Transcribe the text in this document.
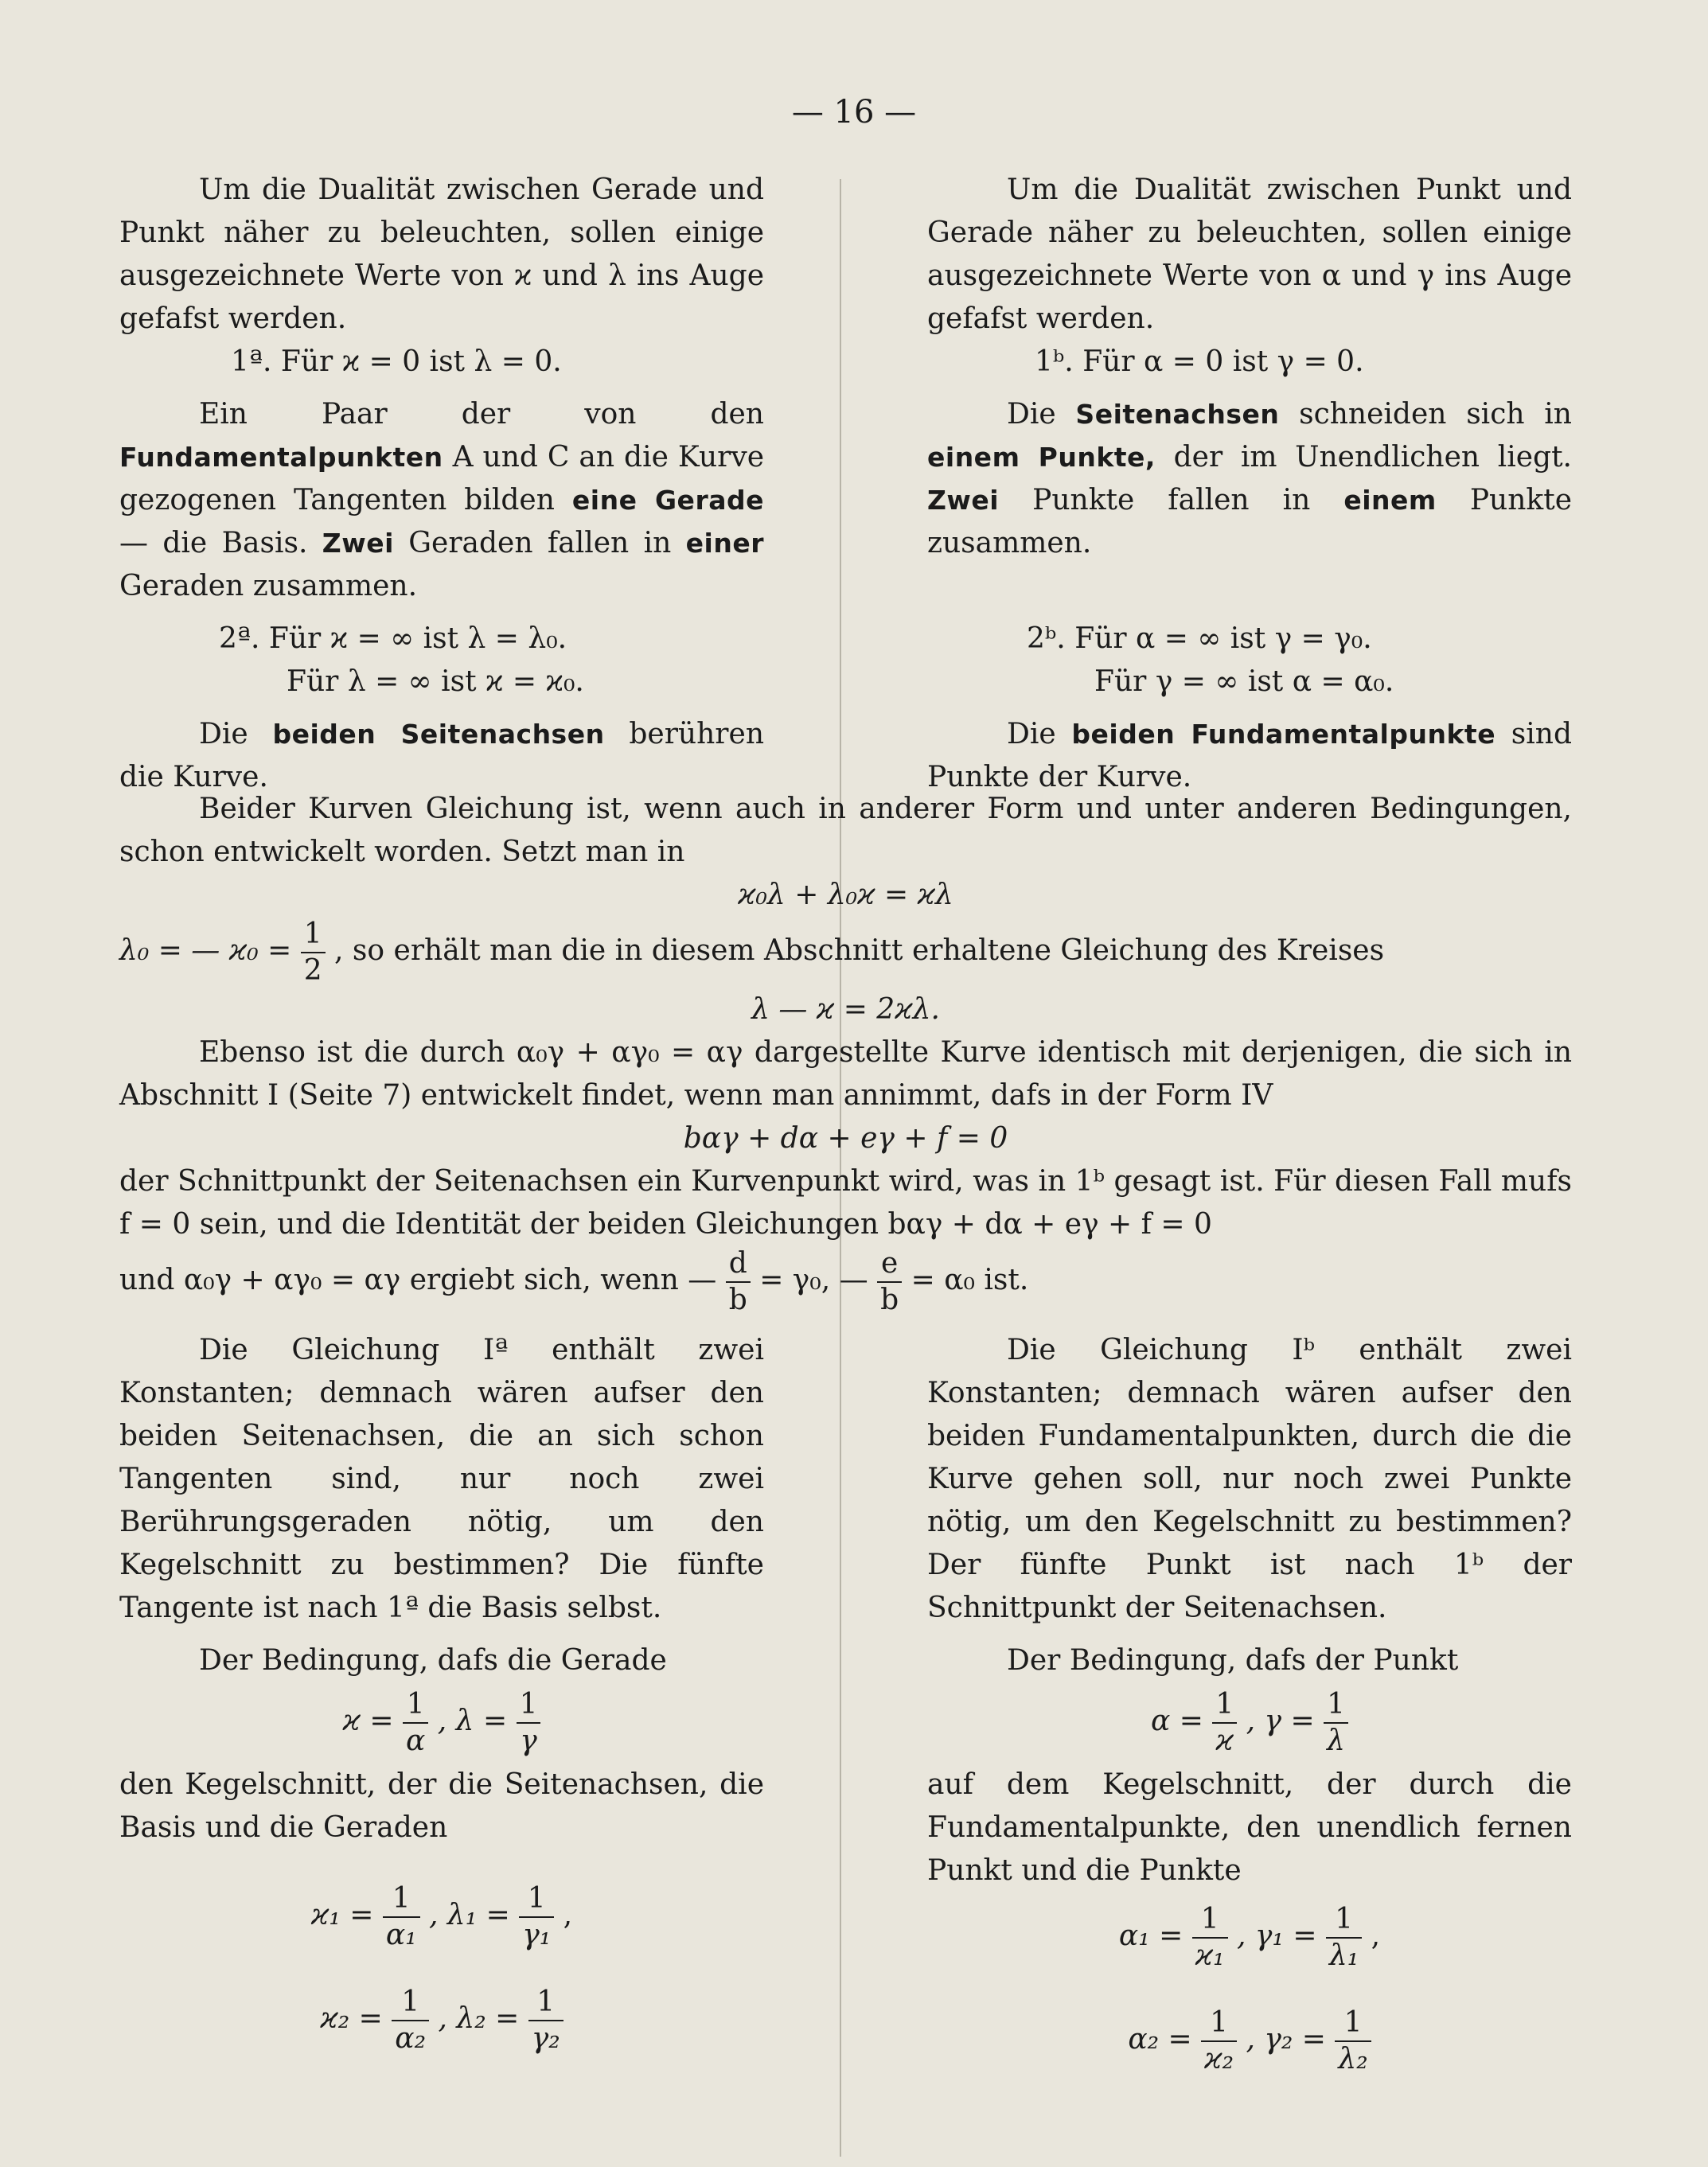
— 16 —

Um die Dualität zwischen Gerade und Punkt näher zu beleuchten, sollen einige ausgezeichnete Werte von ϰ und λ ins Auge gefafst werden.

1ª. Für ϰ = 0 ist λ = 0.

Ein Paar der von den Fundamentalpunkten A und C an die Kurve gezogenen Tangenten bilden eine Gerade — die Basis. Zwei Geraden fallen in einer Geraden zusammen.

2ª. Für ϰ = ∞ ist λ = λ₀.

Für λ = ∞ ist ϰ = ϰ₀.

Die beiden Seitenachsen berühren die Kurve.

Um die Dualität zwischen Punkt und Gerade näher zu beleuchten, sollen einige ausgezeichnete Werte von α und γ ins Auge gefafst werden.

1ᵇ. Für α = 0 ist γ = 0.

Die Seitenachsen schneiden sich in einem Punkte, der im Unendlichen liegt. Zwei Punkte fallen in einem Punkte zusammen.

2ᵇ. Für α = ∞ ist γ = γ₀.

Für γ = ∞ ist α = α₀.

Die beiden Fundamentalpunkte sind Punkte der Kurve.

Beider Kurven Gleichung ist, wenn auch in anderer Form und unter anderen Bedingungen, schon entwickelt worden. Setzt man in

ϰ₀λ + λ₀ϰ = ϰλ

λ₀ = — $ϰ_0 = \frac{1}{2}$ , so erhält man die in diesem Abschnitt erhaltene Gleichung des Kreises

λ — ϰ = 2ϰλ.

Ebenso ist die durch α₀γ + αγ₀ = αγ dargestellte Kurve identisch mit derjenigen, die sich in Abschnitt I (Seite 7) entwickelt findet, wenn man annimmt, dafs in der Form IV

bαγ + dα + eγ + f = 0

der Schnittpunkt der Seitenachsen ein Kurvenpunkt wird, was in 1ᵇ gesagt ist. Für diesen Fall mufs f = 0 sein, und die Identität der beiden Gleichungen bαγ + dα + eγ + f = 0

und α₀γ + αγ₀ = αγ ergiebt sich, wenn — $\frac{d}{b} = \gamma_0$, — $\frac{e}{b} = \alpha_0$ ist.

Die Gleichung Iª enthält zwei Konstanten; demnach wären aufser den beiden Seitenachsen, die an sich schon Tangenten sind, nur noch zwei Berührungsgeraden nötig, um den Kegelschnitt zu bestimmen? Die fünfte Tangente ist nach 1ª die Basis selbst.

Der Bedingung, dafs die Gerade

$ϰ = \frac{1}{\alpha}$ , $\lambda = \frac{1}{\gamma}$

den Kegelschnitt, der die Seitenachsen, die Basis und die Geraden

$ϰ_1 = \frac{1}{\text{α₁}}$ , $\lambda_1 = \frac{1}{\text{γ₁}}$ ,

$ϰ_2 = \frac{1}{\text{α₂}}$ , $\lambda_2 = \frac{1}{\text{γ₂}}$

Die Gleichung Iᵇ enthält zwei Konstanten; demnach wären aufser den beiden Fundamentalpunkten, durch die die Kurve gehen soll, nur noch zwei Punkte nötig, um den Kegelschnitt zu bestimmen? Der fünfte Punkt ist nach 1ᵇ der Schnittpunkt der Seitenachsen.

Der Bedingung, dafs der Punkt

$\alpha = \frac{1}{ϰ}$ , $\gamma = \frac{1}{\lambda}$

auf dem Kegelschnitt, der durch die Fundamentalpunkte, den unendlich fernen Punkt und die Punkte

$\alpha_1 = \frac{1}{\text{ϰ₁}}$ , $\gamma_1 = \frac{1}{\text{λ₁}}$ ,

$\alpha_2 = \frac{1}{\text{ϰ₂}}$ , $\gamma_2 = \frac{1}{\text{λ₂}}$
